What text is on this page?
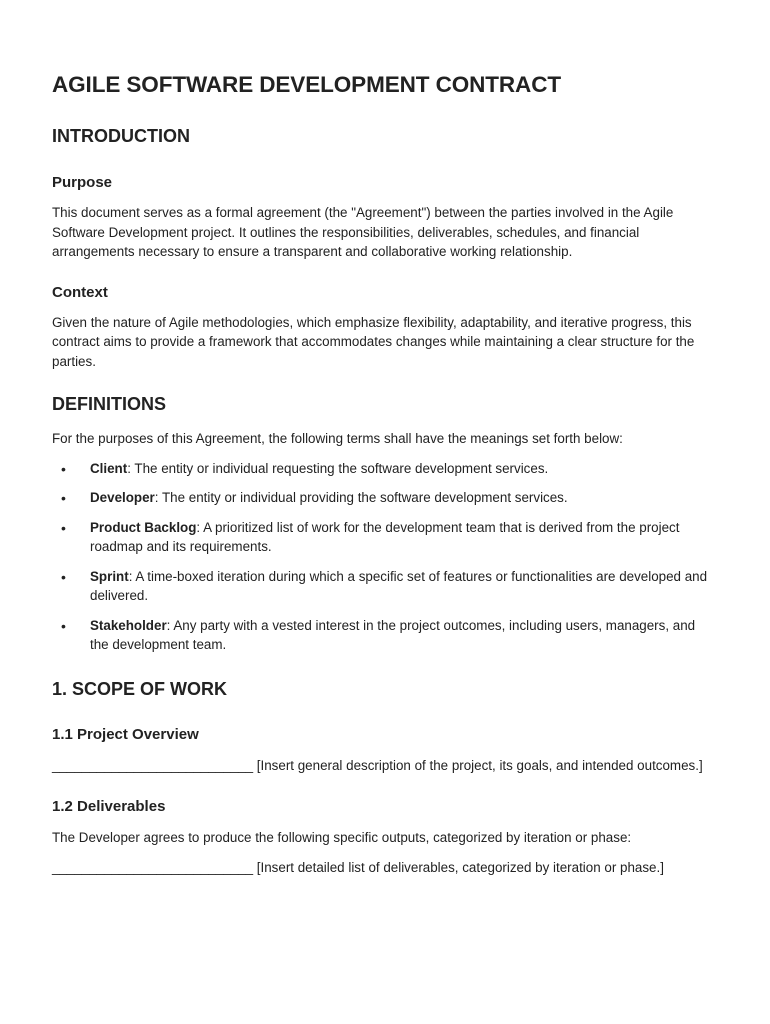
AGILE SOFTWARE DEVELOPMENT CONTRACT
INTRODUCTION
Purpose

This document serves as a formal agreement (the "Agreement") between the parties involved in the Agile Software Development project. It outlines the responsibilities, deliverables, schedules, and financial arrangements necessary to ensure a transparent and collaborative working relationship.

Context

Given the nature of Agile methodologies, which emphasize flexibility, adaptability, and iterative progress, this contract aims to provide a framework that accommodates changes while maintaining a clear structure for the parties.

DEFINITIONS

For the purposes of this Agreement, the following terms shall have the meanings set forth below:

• Client: The entity or individual requesting the software development services.
• Developer: The entity or individual providing the software development services.
• Product Backlog: A prioritized list of work for the development team that is derived from the project roadmap and its requirements.
• Sprint: A time-boxed iteration during which a specific set of features or functionalities are developed and delivered.
• Stakeholder: Any party with a vested interest in the project outcomes, including users, managers, and the development team.
1. SCOPE OF WORK
1.1 Project Overview

___________________________ [Insert general description of the project, its goals, and intended outcomes.]

1.2 Deliverables

The Developer agrees to produce the following specific outputs, categorized by iteration or phase:

___________________________ [Insert detailed list of deliverables, categorized by iteration or phase.]
